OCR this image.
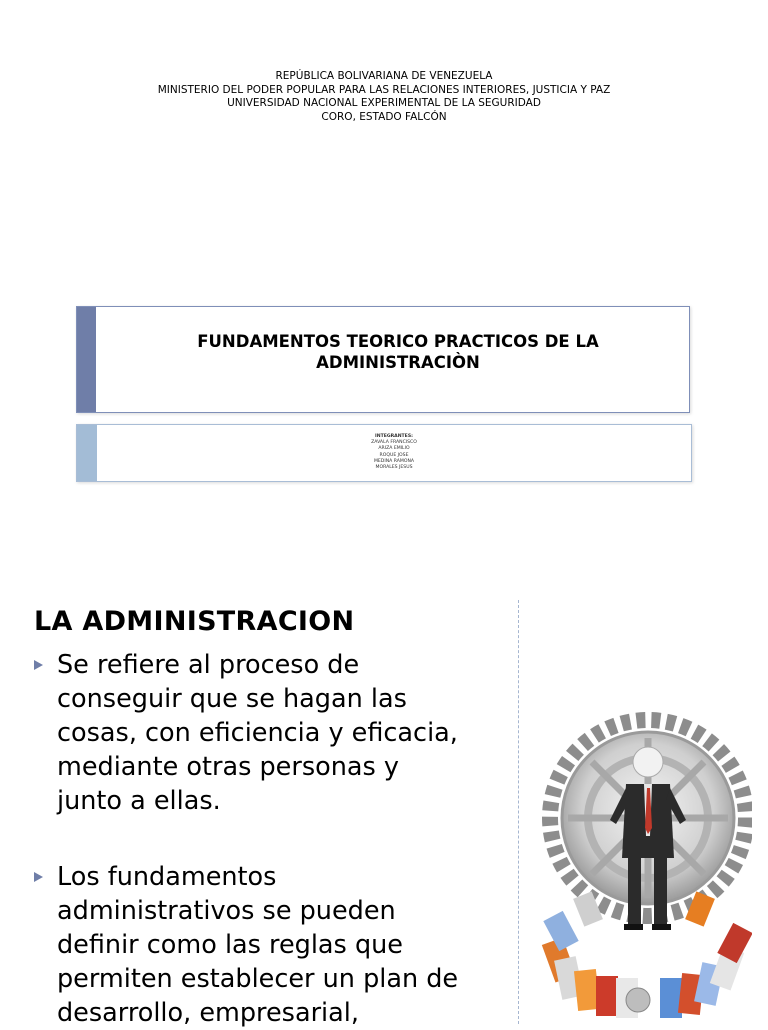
REPÚBLICA BOLIVARIANA DE VENEZUELA
MINISTERIO DEL PODER POPULAR PARA LAS RELACIONES INTERIORES, JUSTICIA Y PAZ
UNIVERSIDAD NACIONAL EXPERIMENTAL DE LA SEGURIDAD
CORO, ESTADO FALCÓN
FUNDAMENTOS TEORICO PRACTICOS DE LA
ADMINISTRACIÒN
INTEGRANTES:
ZAVALA FRANCISCO
ARIZA EMILIO
ROQUE JOSE
MEDINA RAMONA
MORALES JESUS
LA ADMINISTRACION
Se refiere al proceso de
conseguir que se hagan las
cosas, con eficiencia y eficacia,
mediante otras personas y
junto a ellas.
Los fundamentos
administrativos se pueden
definir como las reglas que
permiten establecer un plan de
desarrollo, empresarial,
